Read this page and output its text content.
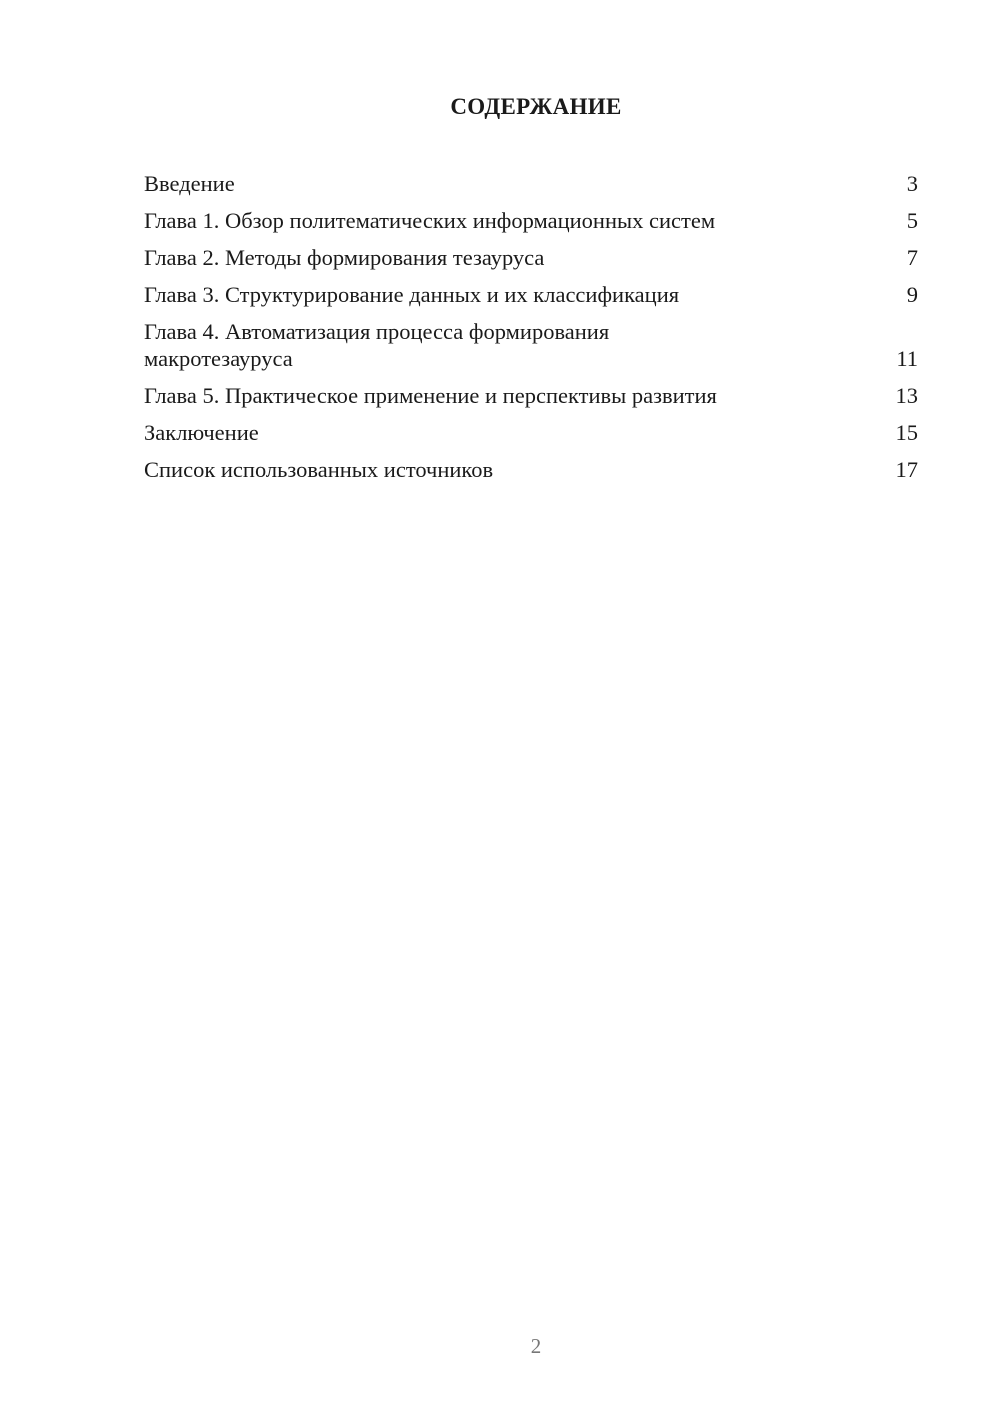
СОДЕРЖАНИЕ
Введение	3
Глава 1. Обзор политематических информационных систем	5
Глава 2. Методы формирования тезауруса	7
Глава 3. Структурирование данных и их классификация	9
Глава 4. Автоматизация процесса формирования макротезауруса	11
Глава 5. Практическое применение и перспективы развития	13
Заключение	15
Список использованных источников	17
2
